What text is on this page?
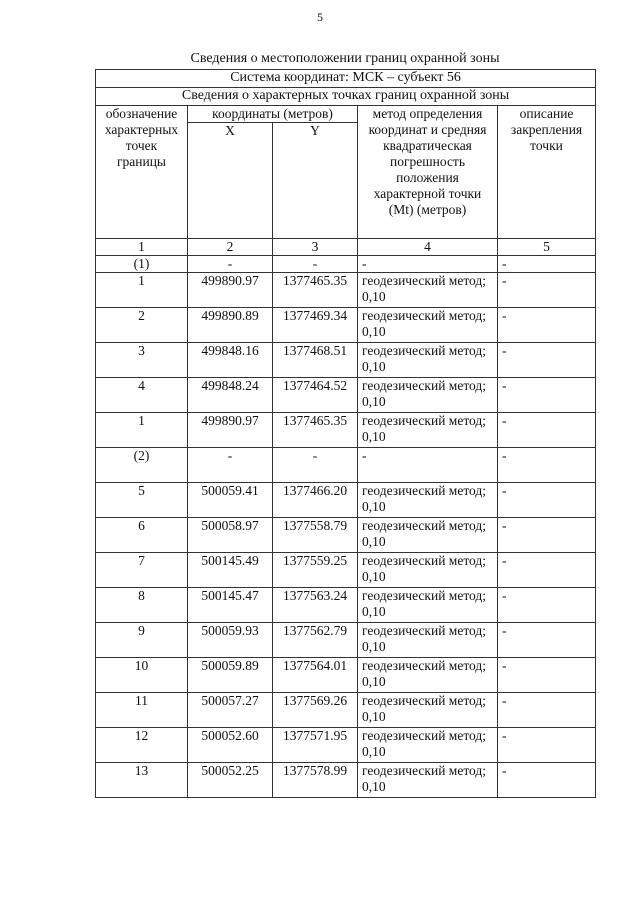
5
Сведения о местоположении границ охранной зоны
Система координат: МСК – субъект 56				
Сведения о характерных точках границ охранной зоны				
обозначение характерных точек границы	координаты (метров)		метод определения координат и средняя квадратическая погрешность положения характерной точки (Mt) (метров)	описание закрепления точки
	X	Y		
1	2	3	4	5
(1)	-	-	-	-
1	499890.97	1377465.35	геодезический метод; 0,10	-
2	499890.89	1377469.34	геодезический метод; 0,10	-
3	499848.16	1377468.51	геодезический метод; 0,10	-
4	499848.24	1377464.52	геодезический метод; 0,10	-
1	499890.97	1377465.35	геодезический метод; 0,10	-
(2)	-	-	-	-
5	500059.41	1377466.20	геодезический метод; 0,10	-
6	500058.97	1377558.79	геодезический метод; 0,10	-
7	500145.49	1377559.25	геодезический метод; 0,10	-
8	500145.47	1377563.24	геодезический метод; 0,10	-
9	500059.93	1377562.79	геодезический метод; 0,10	-
10	500059.89	1377564.01	геодезический метод; 0,10	-
11	500057.27	1377569.26	геодезический метод; 0,10	-
12	500052.60	1377571.95	геодезический метод; 0,10	-
13	500052.25	1377578.99	геодезический метод; 0,10	-
